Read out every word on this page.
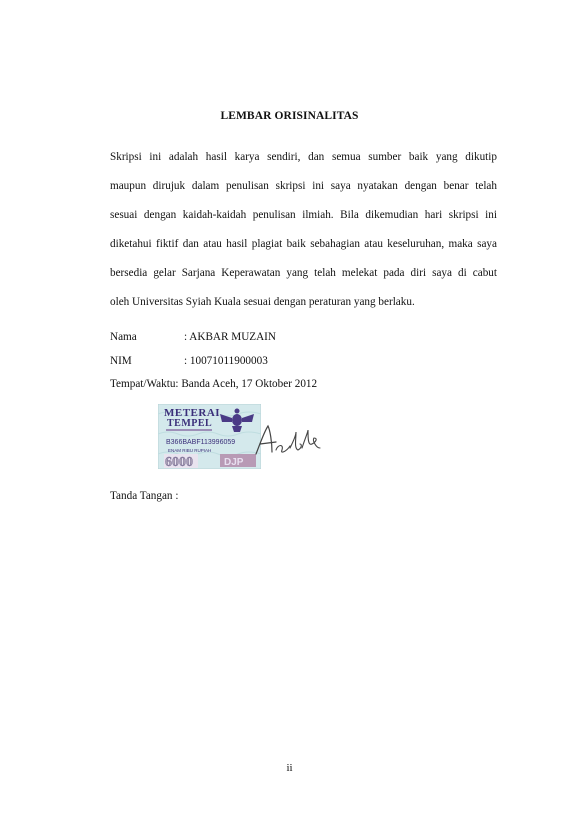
LEMBAR ORISINALITAS
Skripsi ini adalah hasil karya sendiri, dan semua sumber baik yang dikutip
maupun dirujuk dalam penulisan skripsi ini saya nyatakan dengan benar telah
sesuai dengan kaidah-kaidah penulisan ilmiah. Bila dikemudian hari skripsi ini
diketahui fiktif dan atau hasil plagiat baik sebahagian atau keseluruhan, maka saya
bersedia gelar Sarjana Keperawatan yang telah melekat pada diri saya di cabut
oleh Universitas Syiah Kuala sesuai dengan peraturan yang berlaku.
Nama	: AKBAR MUZAIN
NIM	: 10071011900003
Tempat/Waktu: Banda Aceh, 17 Oktober 2012
METERAI
TEMPEL
B366BABF113996059
ENAM RIBU RUPIAH
6000	DJP
Tanda Tangan :
ii
